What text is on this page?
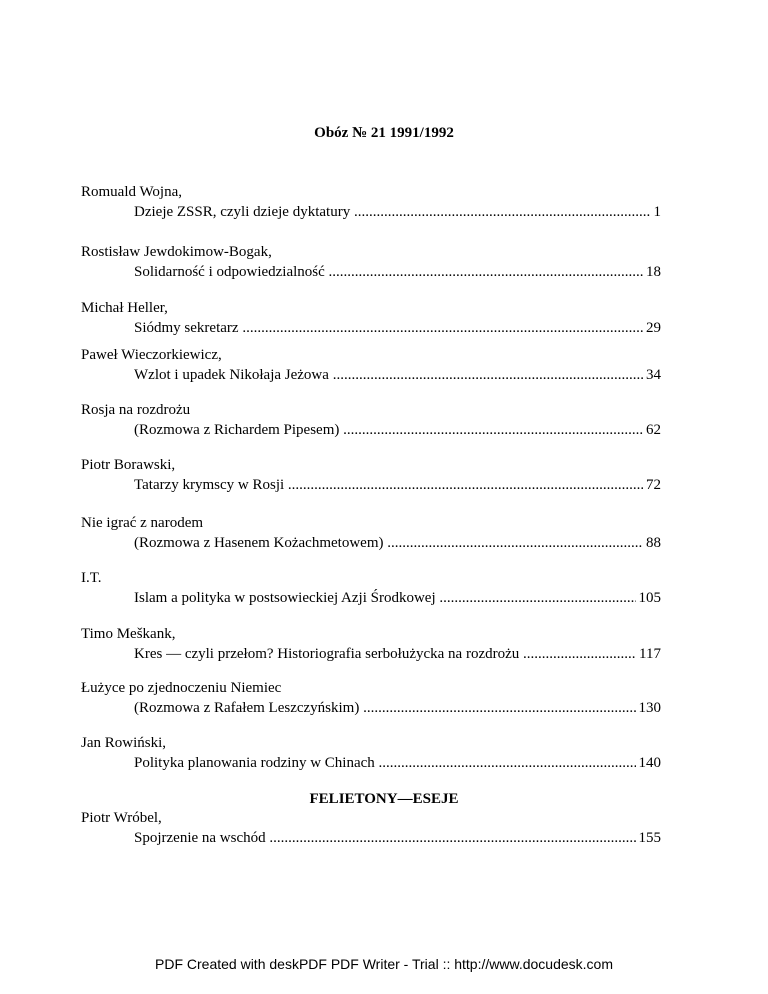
Obóz № 21 1991/1992
Romuald Wojna,
Dzieje ZSSR, czyli dzieje dyktatury .....	1
Rostisław Jewdokimow-Bogak,
Solidarność i odpowiedzialność .....	18
Michał Heller,
Siódmy sekretarz .....	29
Paweł Wieczorkiewicz,
Wzlot i upadek Nikołaja Jeżowa .....	34
Rosja na rozdrożu
(Rozmowa z Richardem Pipesem) .....	62
Piotr Borawski,
Tatarzy krymscy w Rosji .....	72
Nie igrać z narodem
(Rozmowa z Hasenem Kożachmetowem) .....	88
I.T.
Islam a polityka w postsowieckiej Azji Środkowej .....	105
Timo Meškank,
Kres — czyli przełom? Historiografia serbołużycka na rozdrożu .....	117
Łużyce po zjednoczeniu Niemiec
(Rozmowa z Rafałem Leszczyńskim) .....	130
Jan Rowiński,
Polityka planowania rodziny w Chinach .....	140
FELIETONY—ESEJE
Piotr Wróbel,
Spojrzenie na wschód .....	155
PDF Created with deskPDF PDF Writer - Trial :: http://www.docudesk.com
